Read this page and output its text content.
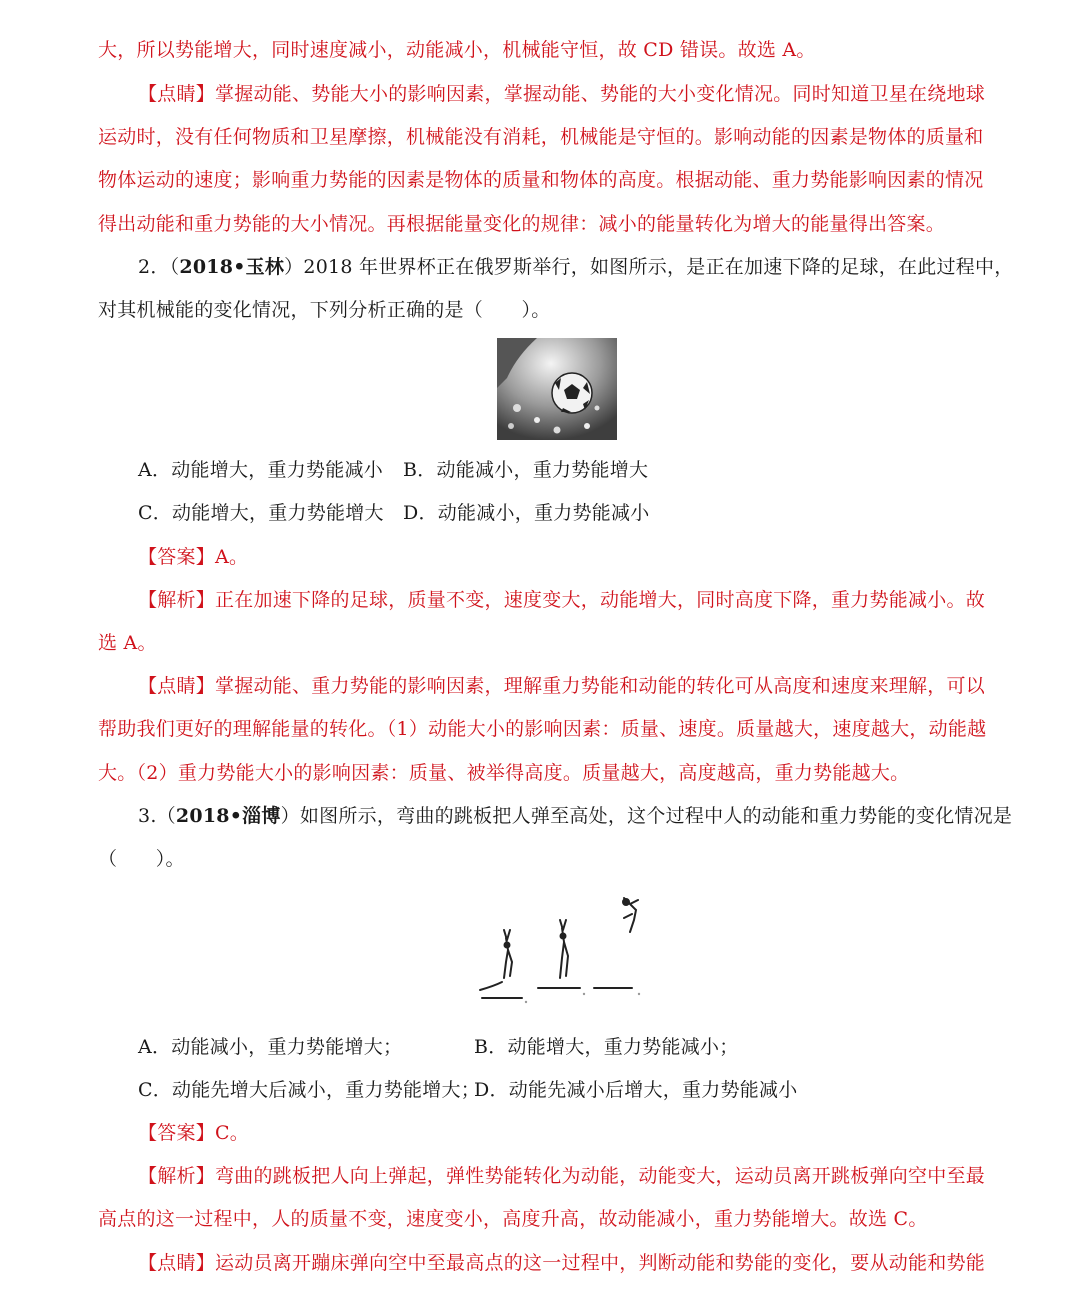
大，所以势能增大，同时速度减小，动能减小，机械能守恒，故 CD 错误。故选 A。
【点睛】掌握动能、势能大小的影响因素，掌握动能、势能的大小变化情况。同时知道卫星在绕地球
运动时，没有任何物质和卫星摩擦，机械能没有消耗，机械能是守恒的。影响动能的因素是物体的质量和
物体运动的速度；影响重力势能的因素是物体的质量和物体的高度。根据动能、重力势能影响因素的情况
得出动能和重力势能的大小情况。再根据能量变化的规律：减小的能量转化为增大的能量得出答案。
2．（2018•玉林）2018 年世界杯正在俄罗斯举行，如图所示，是正在加速下降的足球，在此过程中，
对其机械能的变化情况，下列分析正确的是（　　）。
A．动能增大，重力势能减小 B．动能减小，重力势能增大
C．动能增大，重力势能增大 D．动能减小，重力势能减小
【答案】A。
【解析】正在加速下降的足球，质量不变，速度变大，动能增大，同时高度下降，重力势能减小。故
选 A。
【点睛】掌握动能、重力势能的影响因素，理解重力势能和动能的转化可从高度和速度来理解，可以
帮助我们更好的理解能量的转化。（1）动能大小的影响因素：质量、速度。质量越大，速度越大，动能越
大。（2）重力势能大小的影响因素：质量、被举得高度。质量越大，高度越高，重力势能越大。
3.（2018•淄博）如图所示，弯曲的跳板把人弹至高处，这个过程中人的动能和重力势能的变化情况是
（　　）。
A．动能减小，重力势能增大；	B．动能增大，重力势能减小；
C．动能先增大后减小，重力势能增大；
D．动能先减小后增大，重力势能减小
【答案】C。
【解析】弯曲的跳板把人向上弹起，弹性势能转化为动能，动能变大，运动员离开跳板弹向空中至最
高点的这一过程中，人的质量不变，速度变小，高度升高，故动能减小，重力势能增大。故选 C。
【点睛】运动员离开蹦床弹向空中至最高点的这一过程中，判断动能和势能的变化，要从动能和势能
